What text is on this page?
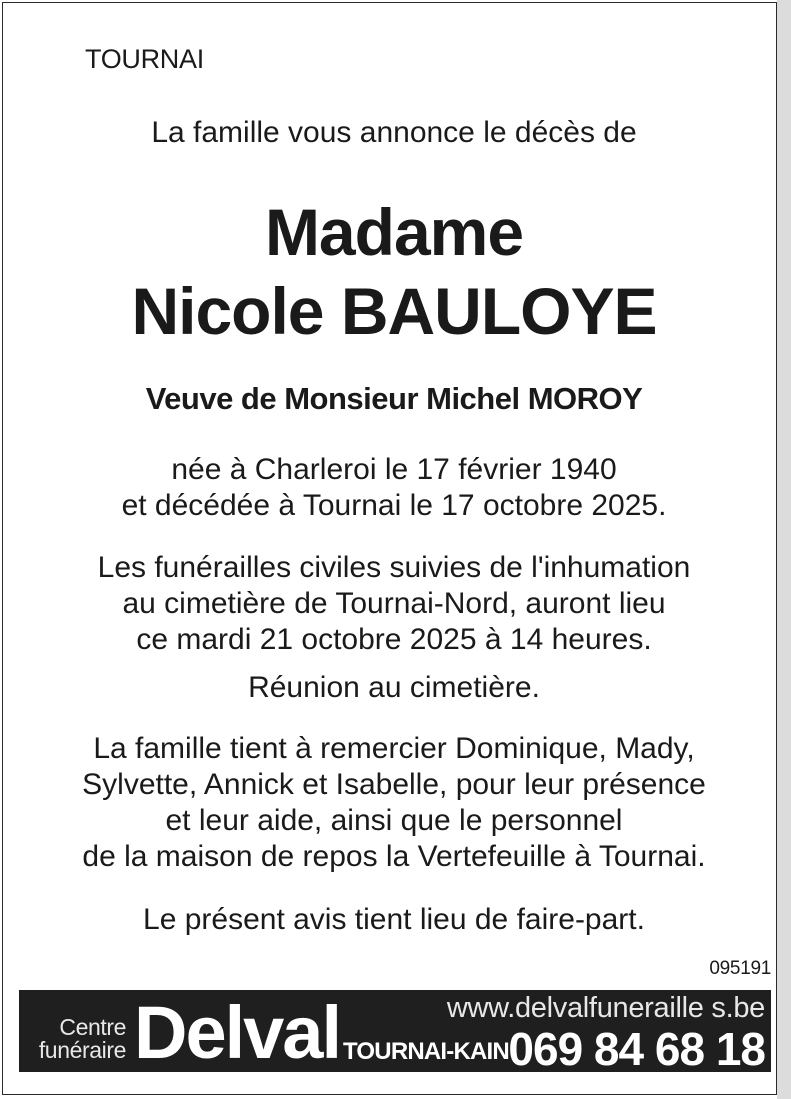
TOURNAI
La famille vous annonce le décès de
Madame
Nicole BAULOYE
Veuve de Monsieur Michel MOROY
née à Charleroi le 17 février 1940
et décédée à Tournai le 17 octobre 2025.
Les funérailles civiles suivies de l'inhumation
au cimetière de Tournai-Nord, auront lieu
ce mardi 21 octobre 2025 à 14 heures.
Réunion au cimetière.
La famille tient à remercier Dominique, Mady,
Sylvette, Annick et Isabelle, pour leur présence
et leur aide, ainsi que le personnel
de la maison de repos la Vertefeuille à Tournai.
Le présent avis tient lieu de faire-part.
095191
Centre
funéraire Delval TOURNAI-KAIN
www.delvalfuneraille s.be
069 84 68 18
